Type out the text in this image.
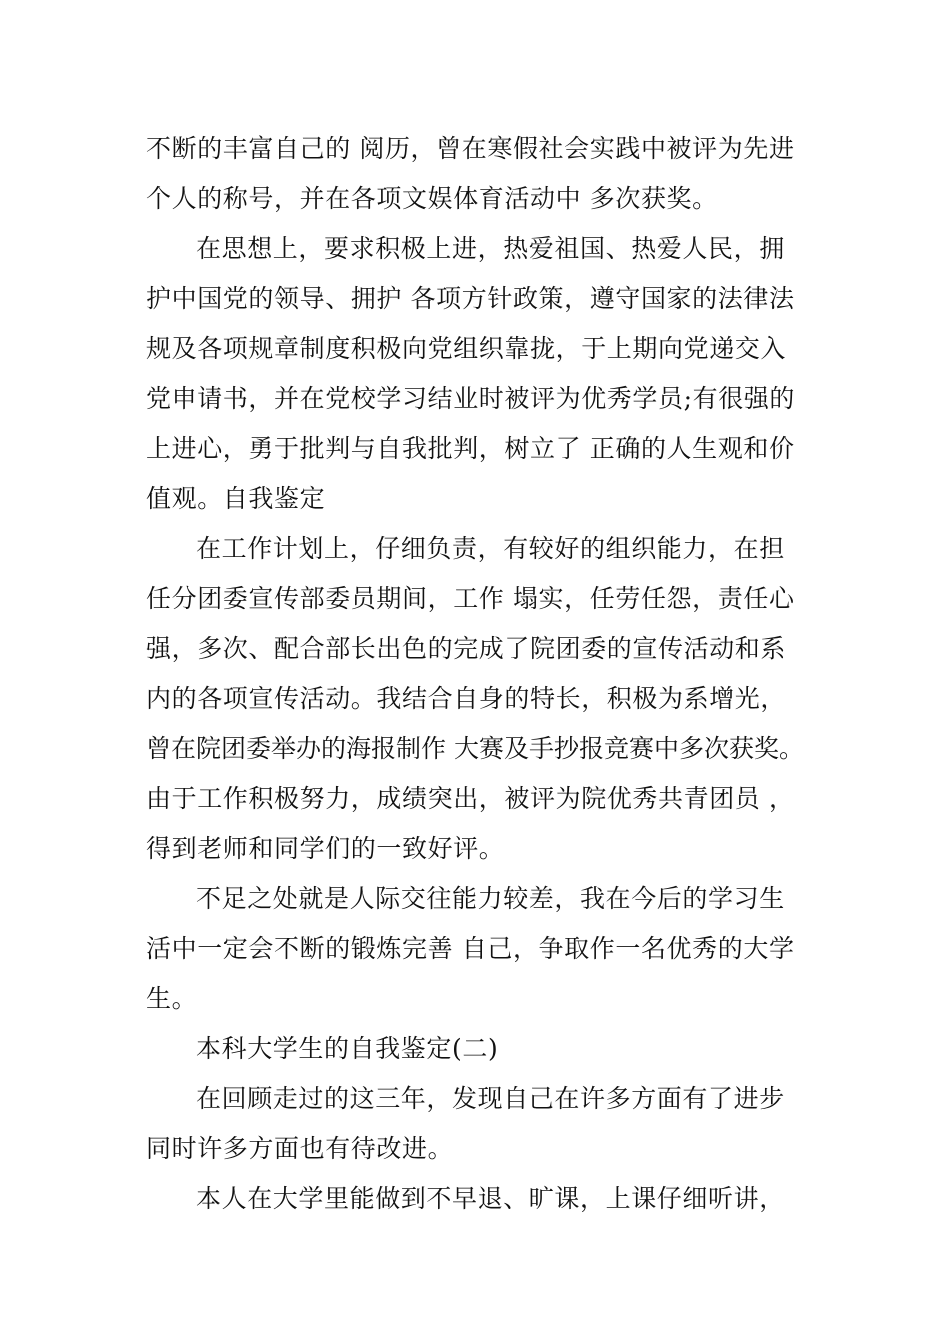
不断的丰富自己的 阅历，曾在寒假社会实践中被评为先进
个人的称号，并在各项文娱体育活动中 多次获奖。
在思想上，要求积极上进，热爱祖国、热爱人民，拥
护中国党的领导、拥护 各项方针政策，遵守国家的法律法
规及各项规章制度积极向党组织靠拢，于上期向党递交入
党申请书，并在党校学习结业时被评为优秀学员;有很强的
上进心，勇于批判与自我批判，树立了 正确的人生观和价
值观。自我鉴定
在工作计划上，仔细负责，有较好的组织能力，在担
任分团委宣传部委员期间，工作 塌实，任劳任怨，责任心
强，多次、配合部长出色的完成了院团委的宣传活动和系
内的各项宣传活动。我结合自身的特长，积极为系增光，
曾在院团委举办的海报制作 大赛及手抄报竞赛中多次获奖。
由于工作积极努力，成绩突出，被评为院优秀共青团员 ，
得到老师和同学们的一致好评。
不足之处就是人际交往能力较差，我在今后的学习生
活中一定会不断的锻炼完善 自己，争取作一名优秀的大学
生。
本科大学生的自我鉴定(二)
在回顾走过的这三年，发现自己在许多方面有了进步
同时许多方面也有待改进。
本人在大学里能做到不早退、旷课，上课仔细听讲，
